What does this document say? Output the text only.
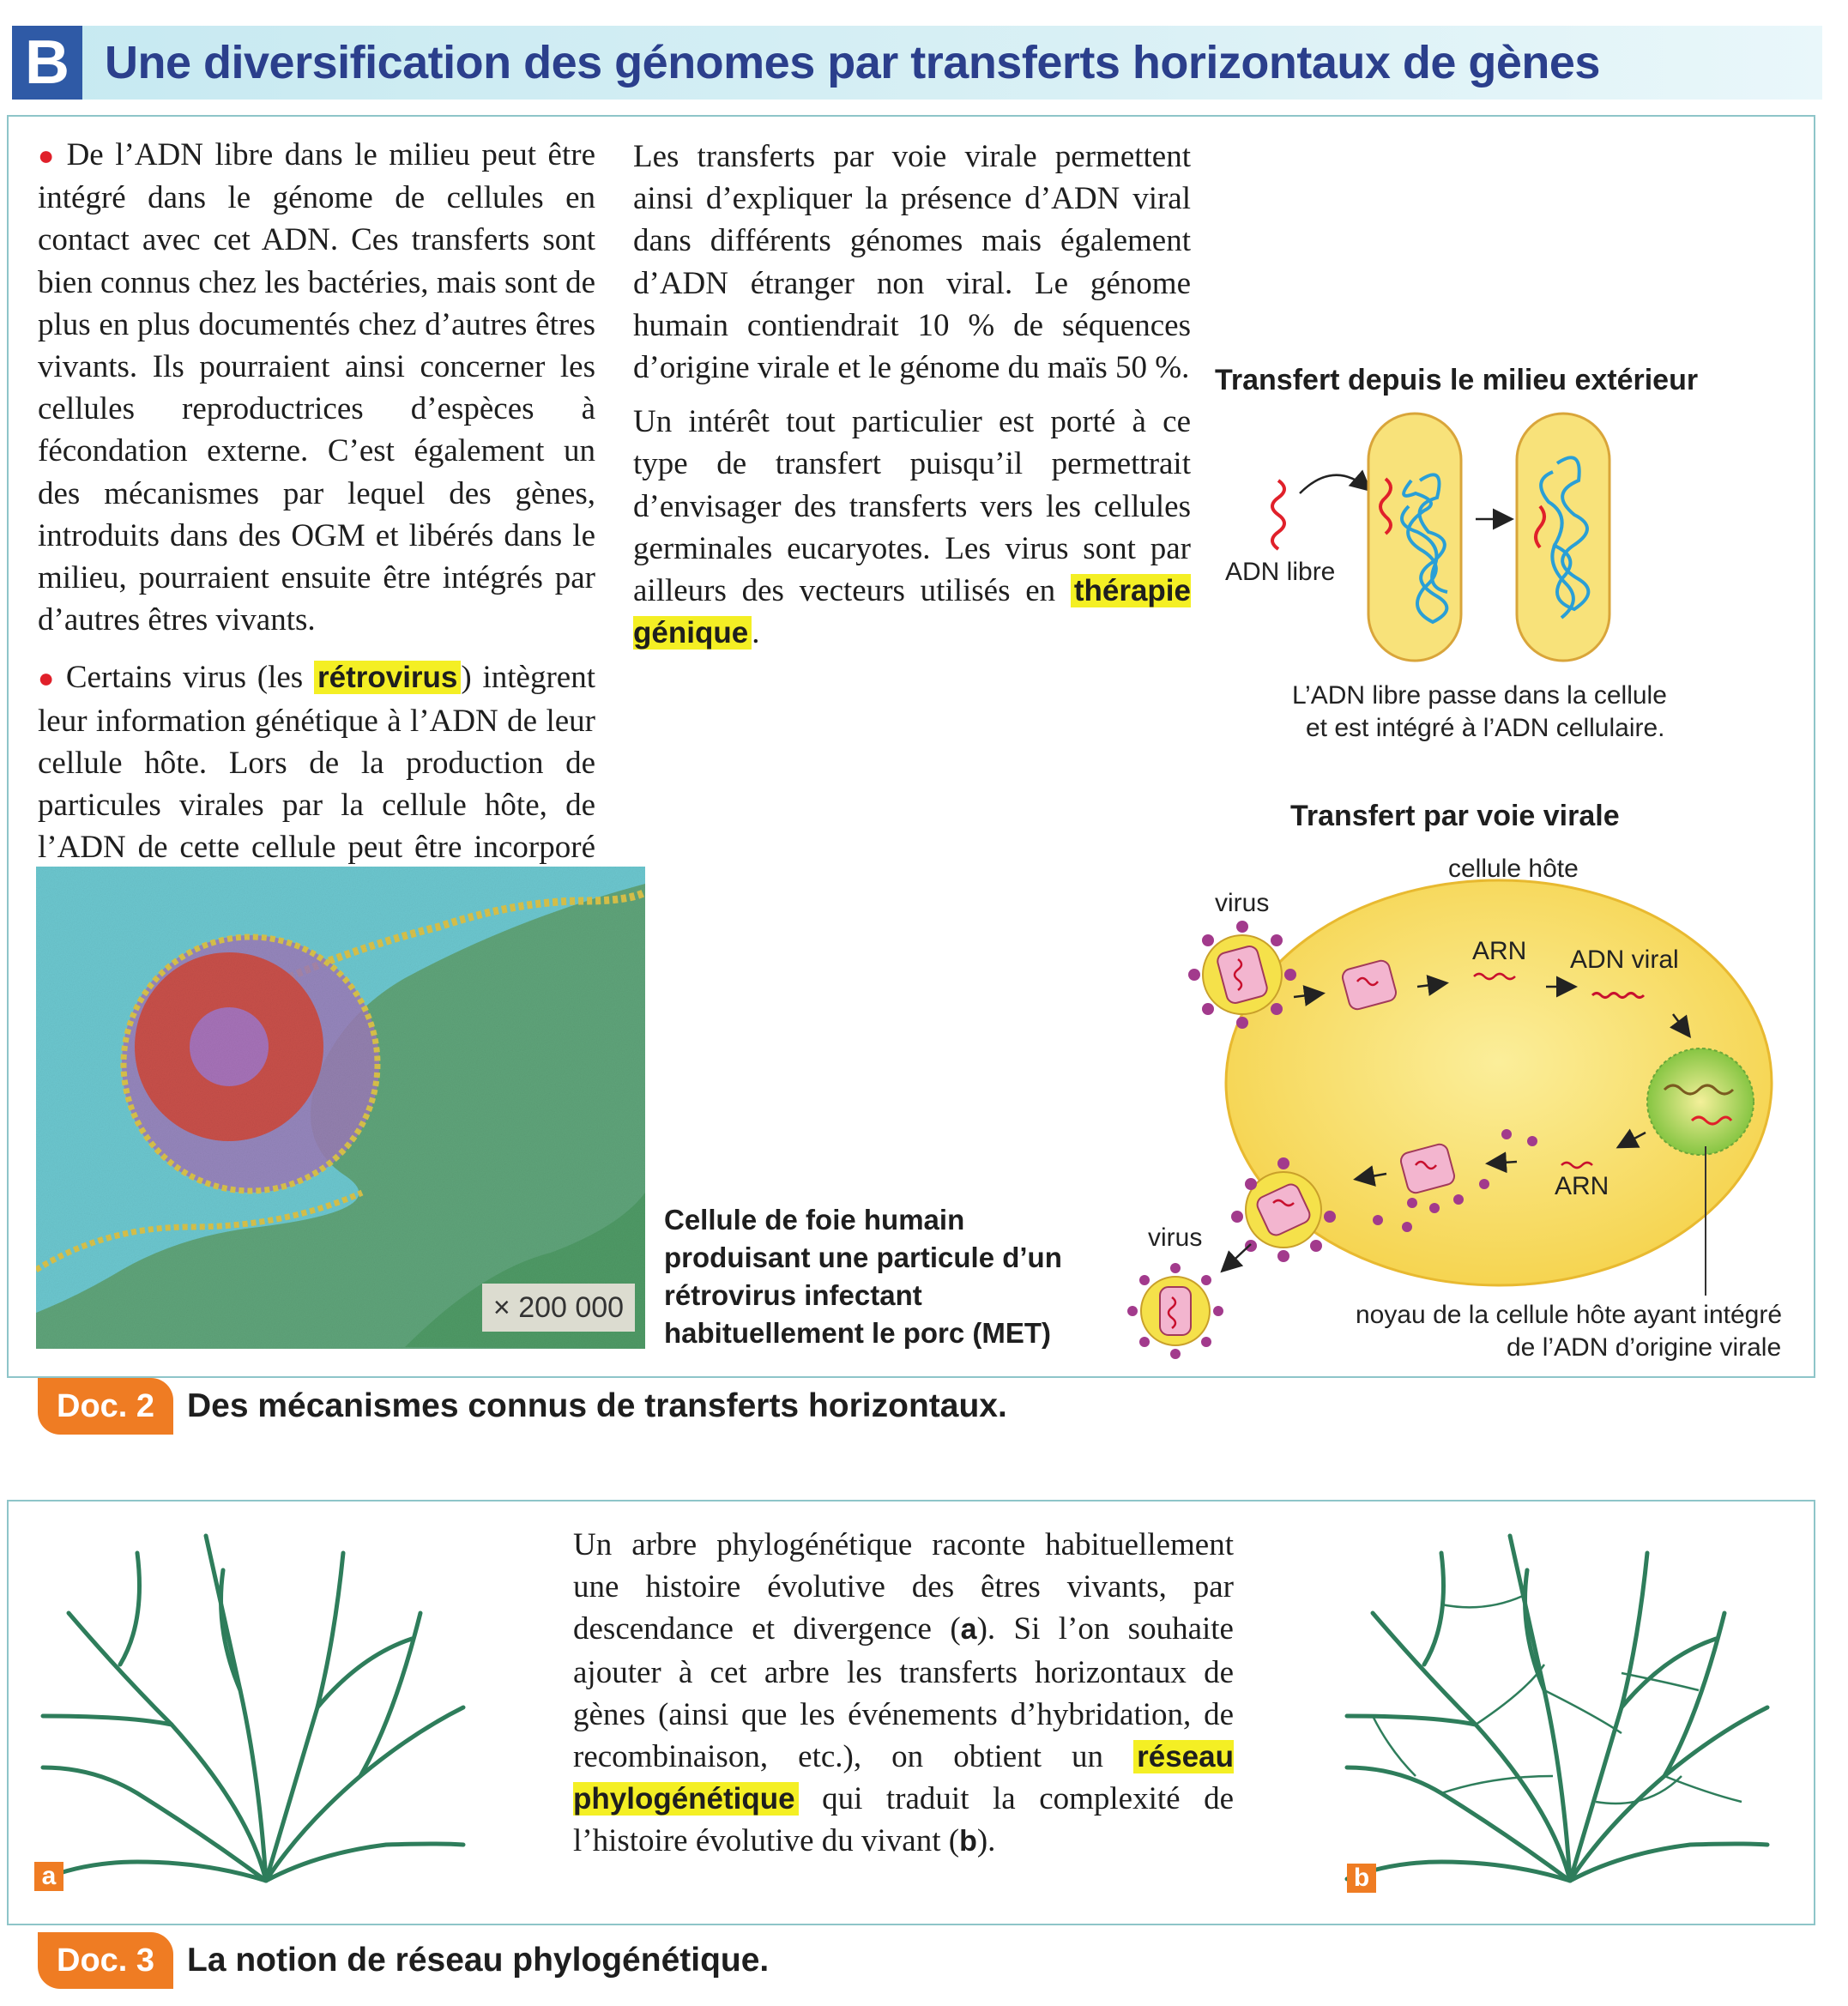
B Une diversification des génomes par transferts horizontaux de gènes

● De l’ADN libre dans le milieu peut être intégré dans le génome de cellules en contact avec cet ADN. Ces transferts sont bien connus chez les bactéries, mais sont de plus en plus documentés chez d’autres êtres vivants. Ils pourraient ainsi concerner les cellules reproductrices d’espèces à fécondation externe. C’est également un des mécanismes par lequel des gènes, introduits dans des OGM et libérés dans le milieu, pourraient ensuite être intégrés par d’autres êtres vivants.

● Certains virus (les rétrovirus ) intègrent leur information génétique à l’ADN de leur cellule hôte. Lors de la production de particules virales par la cellule hôte, de l’ADN de cette cellule peut être incorporé

Les transferts par voie virale permettent ainsi d’expliquer la présence d’ADN viral dans différents génomes mais également d’ADN étranger non viral. Le génome humain contiendrait 10 % de séquences d’origine virale et le génome du maïs 50 %.

Un intérêt tout particulier est porté à ce type de transfert puisqu’il permettrait d’envisager des transferts vers les cellules germinales eucaryotes. Les virus sont par ailleurs des vecteurs utilisés en thérapie génique .

Transfert depuis le milieu extérieur
ADN libre
L’ADN libre passe dans la cellule
et est intégré à l’ADN cellulaire.
Transfert par voie virale
cellule hôte
virus
ARN ADN viral
ARN
virus
noyau de la cellule hôte ayant intégré
de l’ADN d’origine virale
× 200 000
Cellule de foie humain produisant une particule d’un rétrovirus infectant habituellement le porc (MET)
Doc. 2 Des mécanismes connus de transferts horizontaux.
a

Un arbre phylogénétique raconte habituellement une histoire évolutive des êtres vivants, par descendance et divergence (a). Si l’on souhaite ajouter à cet arbre les transferts horizontaux de gènes (ainsi que les événements d’hybridation, de recombinaison, etc.), on obtient un réseau phylogénétique qui traduit la complexité de l’histoire évolutive du vivant (b).

b
Doc. 3 La notion de réseau phylogénétique.
